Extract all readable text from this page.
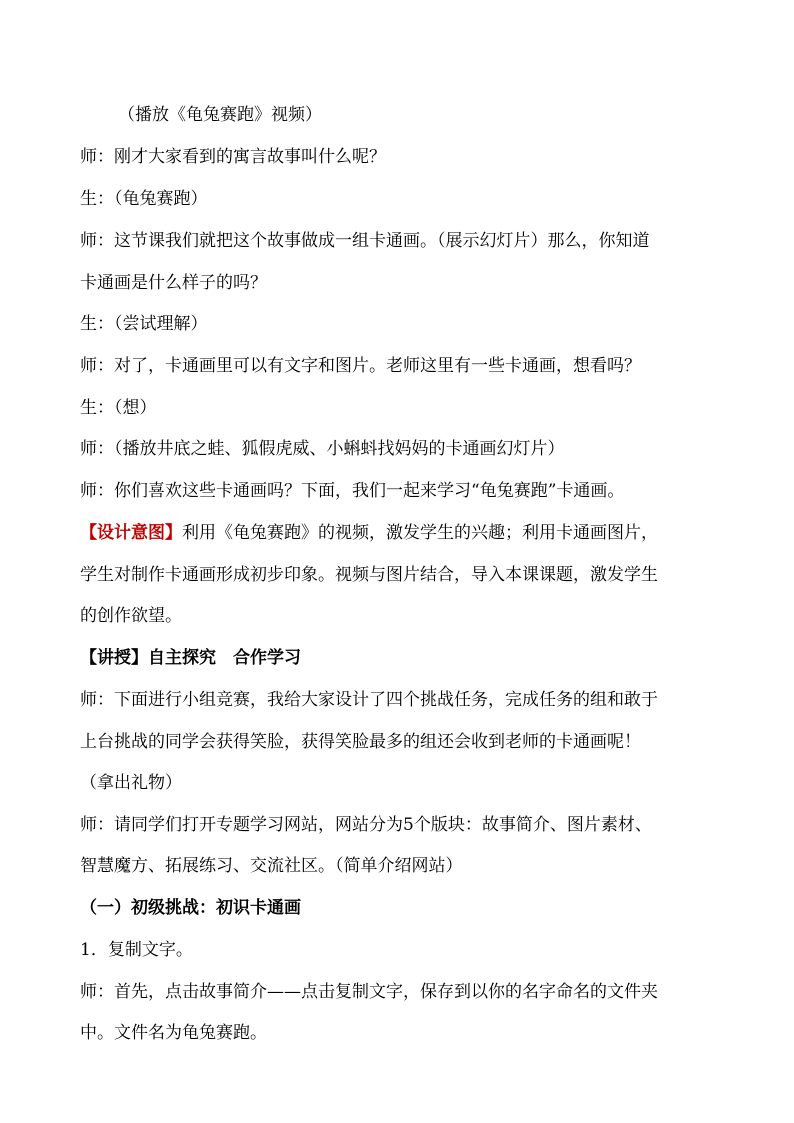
（播放《龟兔赛跑》视频）
师：刚才大家看到的寓言故事叫什么呢？
生：（龟兔赛跑）
师：这节课我们就把这个故事做成一组卡通画。（展示幻灯片）那么，你知道
卡通画是什么样子的吗？
生：（尝试理解）
师：对了，卡通画里可以有文字和图片。老师这里有一些卡通画，想看吗？
生：（想）
师：（播放井底之蛙、狐假虎威、小蝌蚪找妈妈的卡通画幻灯片）
师：你们喜欢这些卡通画吗？下面，我们一起来学习“龟兔赛跑”卡通画。
【设计意图】利用《龟兔赛跑》的视频，激发学生的兴趣；利用卡通画图片，
学生对制作卡通画形成初步印象。视频与图片结合，导入本课课题，激发学生
的创作欲望。
【讲授】自主探究　合作学习
师：下面进行小组竞赛，我给大家设计了四个挑战任务，完成任务的组和敢于
上台挑战的同学会获得笑脸，获得笑脸最多的组还会收到老师的卡通画呢！
（拿出礼物）
师：请同学们打开专题学习网站，网站分为5个版块：故事简介、图片素材、
智慧魔方、拓展练习、交流社区。（简单介绍网站）
（一）初级挑战：初识卡通画
1．复制文字。
师：首先，点击故事简介——点击复制文字，保存到以你的名字命名的文件夹
中。文件名为龟兔赛跑。
